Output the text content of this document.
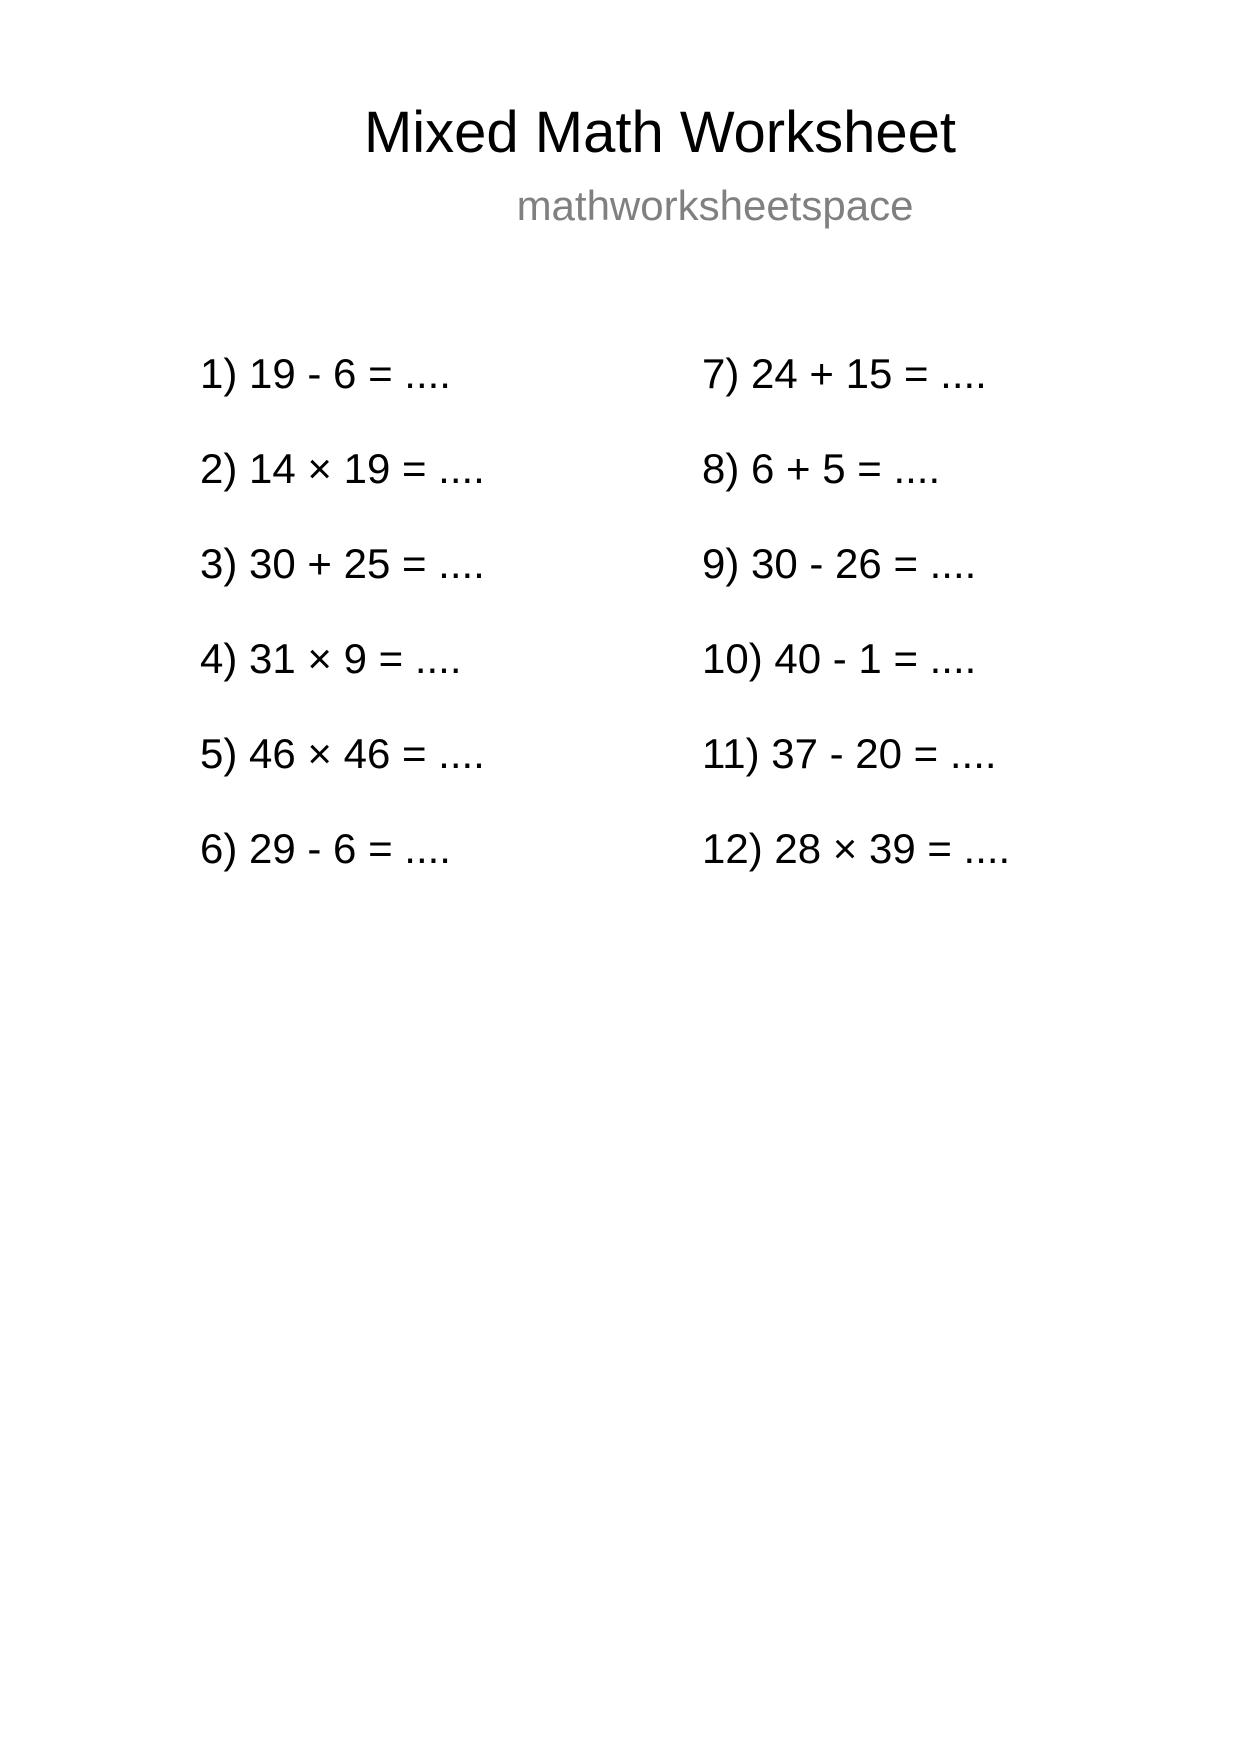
Mixed Math Worksheet
mathworksheetspace
1) 19 - 6 = ....
2) 14 × 19 = ....
3) 30 + 25 = ....
4) 31 × 9 = ....
5) 46 × 46 = ....
6) 29 - 6 = ....
7) 24 + 15 = ....
8) 6 + 5 = ....
9) 30 - 26 = ....
10) 40 - 1 = ....
11) 37 - 20 = ....
12) 28 × 39 = ....
